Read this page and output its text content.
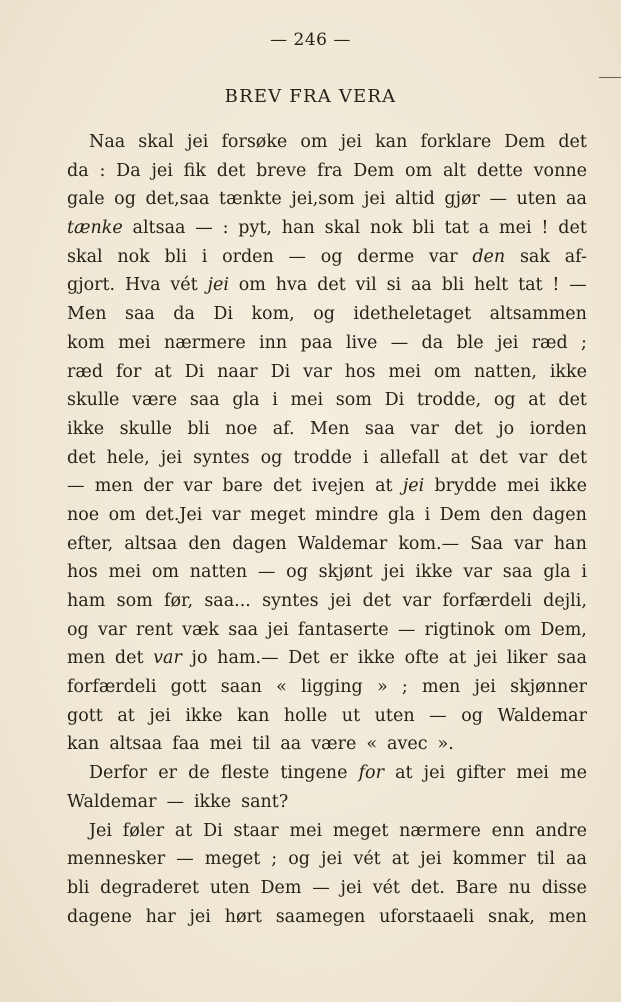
— 246 —
BREV FRA VERA
Naa skal jei forsøke om jei kan forklare Dem det
da : Da jei fik det breve fra Dem om alt dette vonne
gale og det,saa tænkte jei,som jei altid gjør — uten aa
tænke altsaa — : pyt, han skal nok bli tat a mei ! det
skal nok bli i orden — og derme var den sak af-
gjort. Hva vét jei om hva det vil si aa bli helt tat ! —
Men saa da Di kom, og idetheletaget altsammen
kom mei nærmere inn paa live — da ble jei ræd ;
ræd for at Di naar Di var hos mei om natten, ikke
skulle være saa gla i mei som Di trodde, og at det
ikke skulle bli noe af. Men saa var det jo iorden
det hele, jei syntes og trodde i allefall at det var det
— men der var bare det ivejen at jei brydde mei ikke
noe om det.Jei var meget mindre gla i Dem den dagen
efter, altsaa den dagen Waldemar kom.— Saa var han
hos mei om natten — og skjønt jei ikke var saa gla i
ham som før, saa... syntes jei det var forfærdeli dejli,
og var rent væk saa jei fantaserte — rigtinok om Dem,
men det var jo ham.— Det er ikke ofte at jei liker saa
forfærdeli gott saan « ligging » ; men jei skjønner
gott at jei ikke kan holle ut uten — og Waldemar
kan altsaa faa mei til aa være « avec ».
Derfor er de fleste tingene for at jei gifter mei me
Waldemar — ikke sant?
Jei føler at Di staar mei meget nærmere enn andre
mennesker — meget ; og jei vét at jei kommer til aa
bli degraderet uten Dem — jei vét det. Bare nu disse
dagene har jei hørt saamegen uforstaaeli snak, men
